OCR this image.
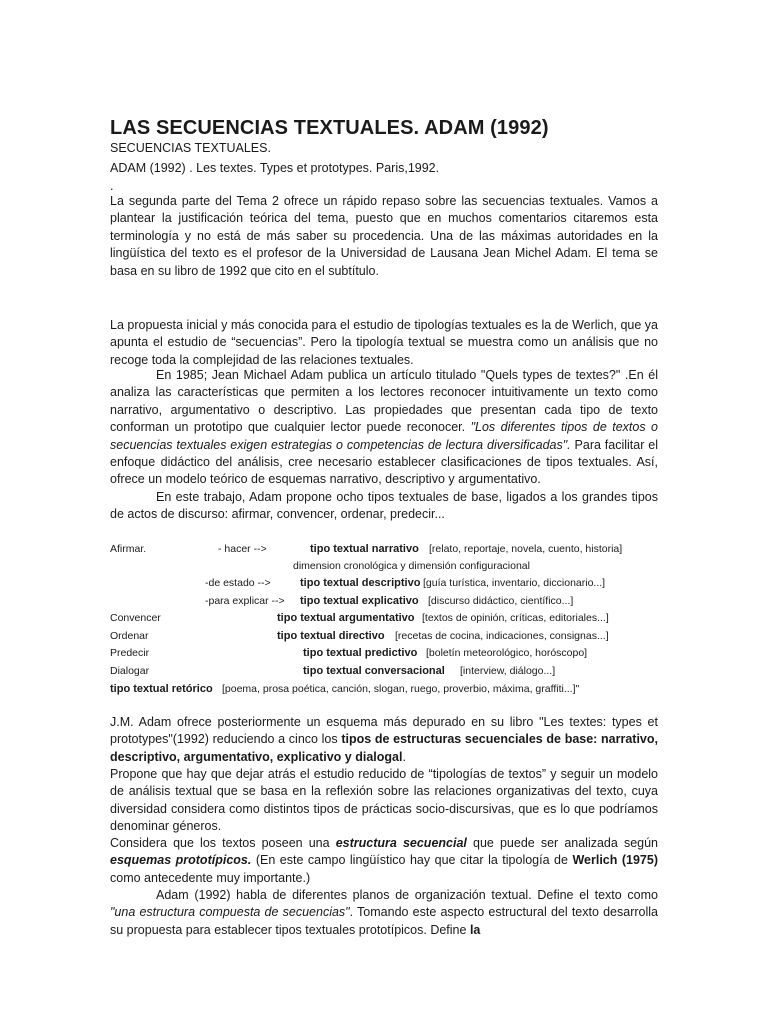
LAS SECUENCIAS TEXTUALES. ADAM (1992)
SECUENCIAS TEXTUALES.
ADAM (1992) . Les textes. Types et prototypes. Paris,1992.
.
La segunda parte del Tema 2 ofrece un rápido repaso sobre las secuencias textuales. Vamos a plantear la justificación teórica del tema, puesto que en muchos comentarios citaremos esta terminología y no está de más saber su procedencia. Una de las máximas autoridades en la lingüística del texto es el profesor de la Universidad de Lausana Jean Michel Adam. El tema se basa en su libro de 1992 que cito en el subtítulo.
La propuesta inicial y más conocida para el estudio de tipologías textuales es la de Werlich, que ya apunta el estudio de “secuencias”. Pero la tipología textual se muestra como un análisis que no recoge toda la complejidad de las relaciones textuales.
En 1985; Jean Michael Adam publica un artículo titulado "Quels types de textes?" .En él analiza las características que permiten a los lectores reconocer intuitivamente un texto como narrativo, argumentativo o descriptivo. Las propiedades que presentan cada tipo de texto conforman un prototipo que cualquier lector puede reconocer. "Los diferentes tipos de textos o secuencias textuales exigen estrategias o competencias de lectura diversificadas". Para facilitar el enfoque didáctico del análisis, cree necesario establecer clasificaciones de tipos textuales. Así, ofrece un modelo teórico de esquemas narrativo, descriptivo y argumentativo.
En este trabajo, Adam propone ocho tipos textuales de base, ligados a los grandes tipos de actos de discurso: afirmar, convencer, ordenar, predecir...
Afirmar.	- hacer -->	tipo textual narrativo [relato, reportaje, novela, cuento, historia]
dimension cronológica y dimensión configuracional
-de estado -->	tipo textual descriptivo [guía turística, inventario, diccionario...]
-para explicar --> tipo textual explicativo [discurso didáctico, científico...]
Convencer	tipo textual argumentativo [textos de opinión, críticas, editoriales...]
Ordenar	tipo textual directivo [recetas de cocina, indicaciones, consignas...]
Predecir	tipo textual predictivo [boletín meteorológico, horóscopo]
Dialogar	tipo textual conversacional [interview, diálogo...]
tipo textual retórico [poema, prosa poética, canción, slogan, ruego, proverbio, máxima, graffiti...]"
J.M. Adam ofrece posteriormente un esquema más depurado en su libro "Les textes: types et prototypes"(1992) reduciendo a cinco los tipos de estructuras secuenciales de base: narrativo, descriptivo, argumentativo, explicativo y dialogal.
Propone que hay que dejar atrás el estudio reducido de “tipologías de textos” y seguir un modelo de análisis textual que se basa en la reflexión sobre las relaciones organizativas del texto, cuya diversidad considera como distintos tipos de prácticas socio-discursivas, que es lo que podríamos denominar géneros.
Considera que los textos poseen una estructura secuencial que puede ser analizada según esquemas prototípicos. (En este campo lingüístico hay que citar la tipología de Werlich (1975) como antecedente muy importante.)
Adam (1992) habla de diferentes planos de organización textual. Define el texto como "una estructura compuesta de secuencias". Tomando este aspecto estructural del texto desarrolla su propuesta para establecer tipos textuales prototípicos. Define la
